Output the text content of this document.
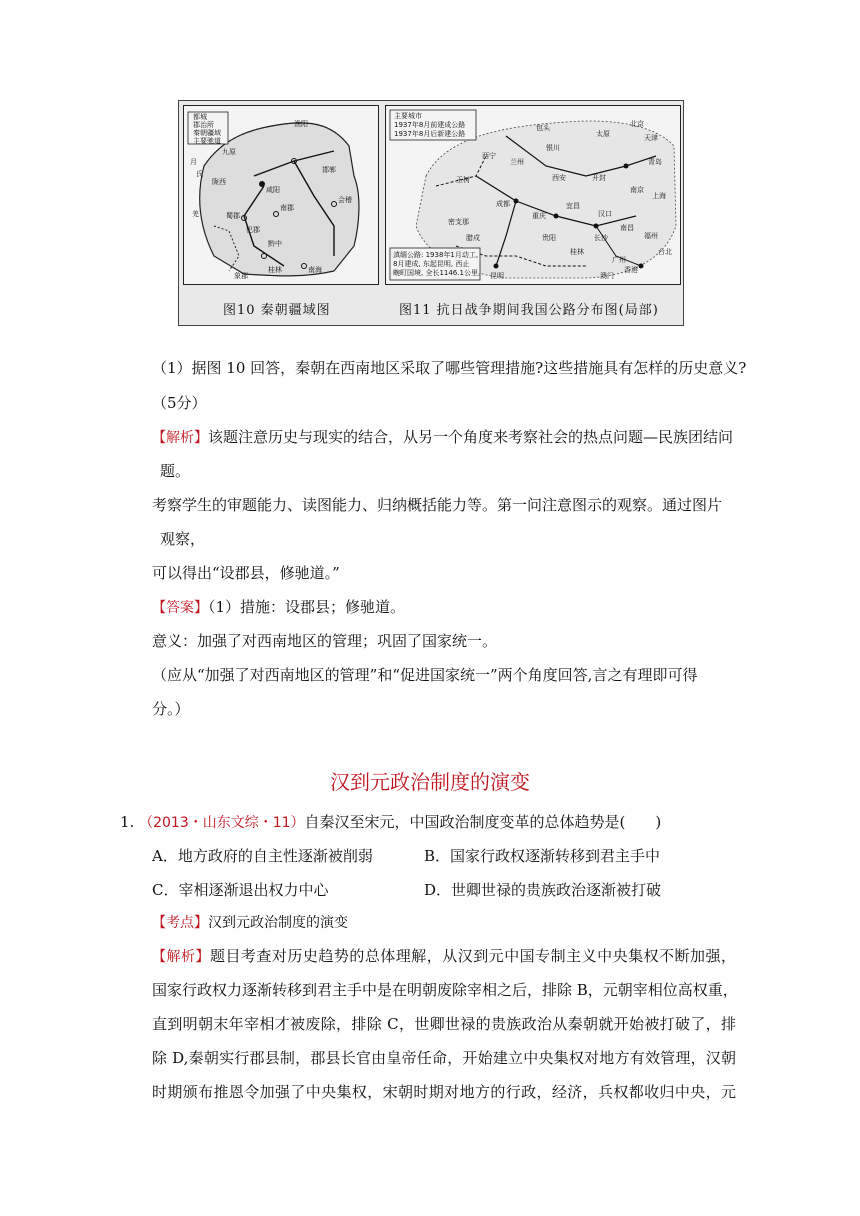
都城
郡治所
秦朝疆域
主要驰道
九原
咸阳
陇西
邯郸
巴郡
蜀郡
南郡
会稽
黔中
南海
象郡
桂林
月
氏
羌
渔阳
图10 秦朝疆域图
主要城市
1937年8月前建成公路
1937年8月后新建公路
滇缅公路: 1938年1月动工,
8月建成, 东起昆明, 西止
畹町国境, 全长1146.1公里。
包头	北京
太原
银川
天津
西宁
兰州	青岛
西安	开封
玉树
南京
成都
重庆
宜昌
汉口
上海
长沙
南昌
福州
贵阳
桂林
昆明
广州
香港
台北
澳门
密支那
腊戍
图11 抗日战争期间我国公路分布图(局部)
（1）据图 10 回答，秦朝在西南地区采取了哪些管理措施?这些措施具有怎样的历史意义?
（5分）
【解析】该题注意历史与现实的结合，从另一个角度来考察社会的热点问题—民族团结问
题。
考察学生的审题能力、读图能力、归纳概括能力等。第一问注意图示的观察。通过图片
观察，
可以得出“设郡县，修驰道。”
【答案】（1）措施：设郡县；修驰道。
意义：加强了对西南地区的管理；巩固了国家统一。
（应从“加强了对西南地区的管理”和“促进国家统一”两个角度回答,言之有理即可得
分。）
汉到元政治制度的演变
1. （2013・山东文综・11）自秦汉至宋元，中国政治制度变革的总体趋势是(　　)
A．地方政府的自主性逐渐被削弱	B．国家行政权逐渐转移到君主手中
C．宰相逐渐退出权力中心	D．世卿世禄的贵族政治逐渐被打破
【考点】汉到元政治制度的演变
【解析】题目考查对历史趋势的总体理解，从汉到元中国专制主义中央集权不断加强，
国家行政权力逐渐转移到君主手中是在明朝废除宰相之后，排除 B，元朝宰相位高权重，
直到明朝末年宰相才被废除，排除 C，世卿世禄的贵族政治从秦朝就开始被打破了，排
除 D,秦朝实行郡县制，郡县长官由皇帝任命，开始建立中央集权对地方有效管理，汉朝
时期颁布推恩令加强了中央集权，宋朝时期对地方的行政，经济，兵权都收归中央，元
